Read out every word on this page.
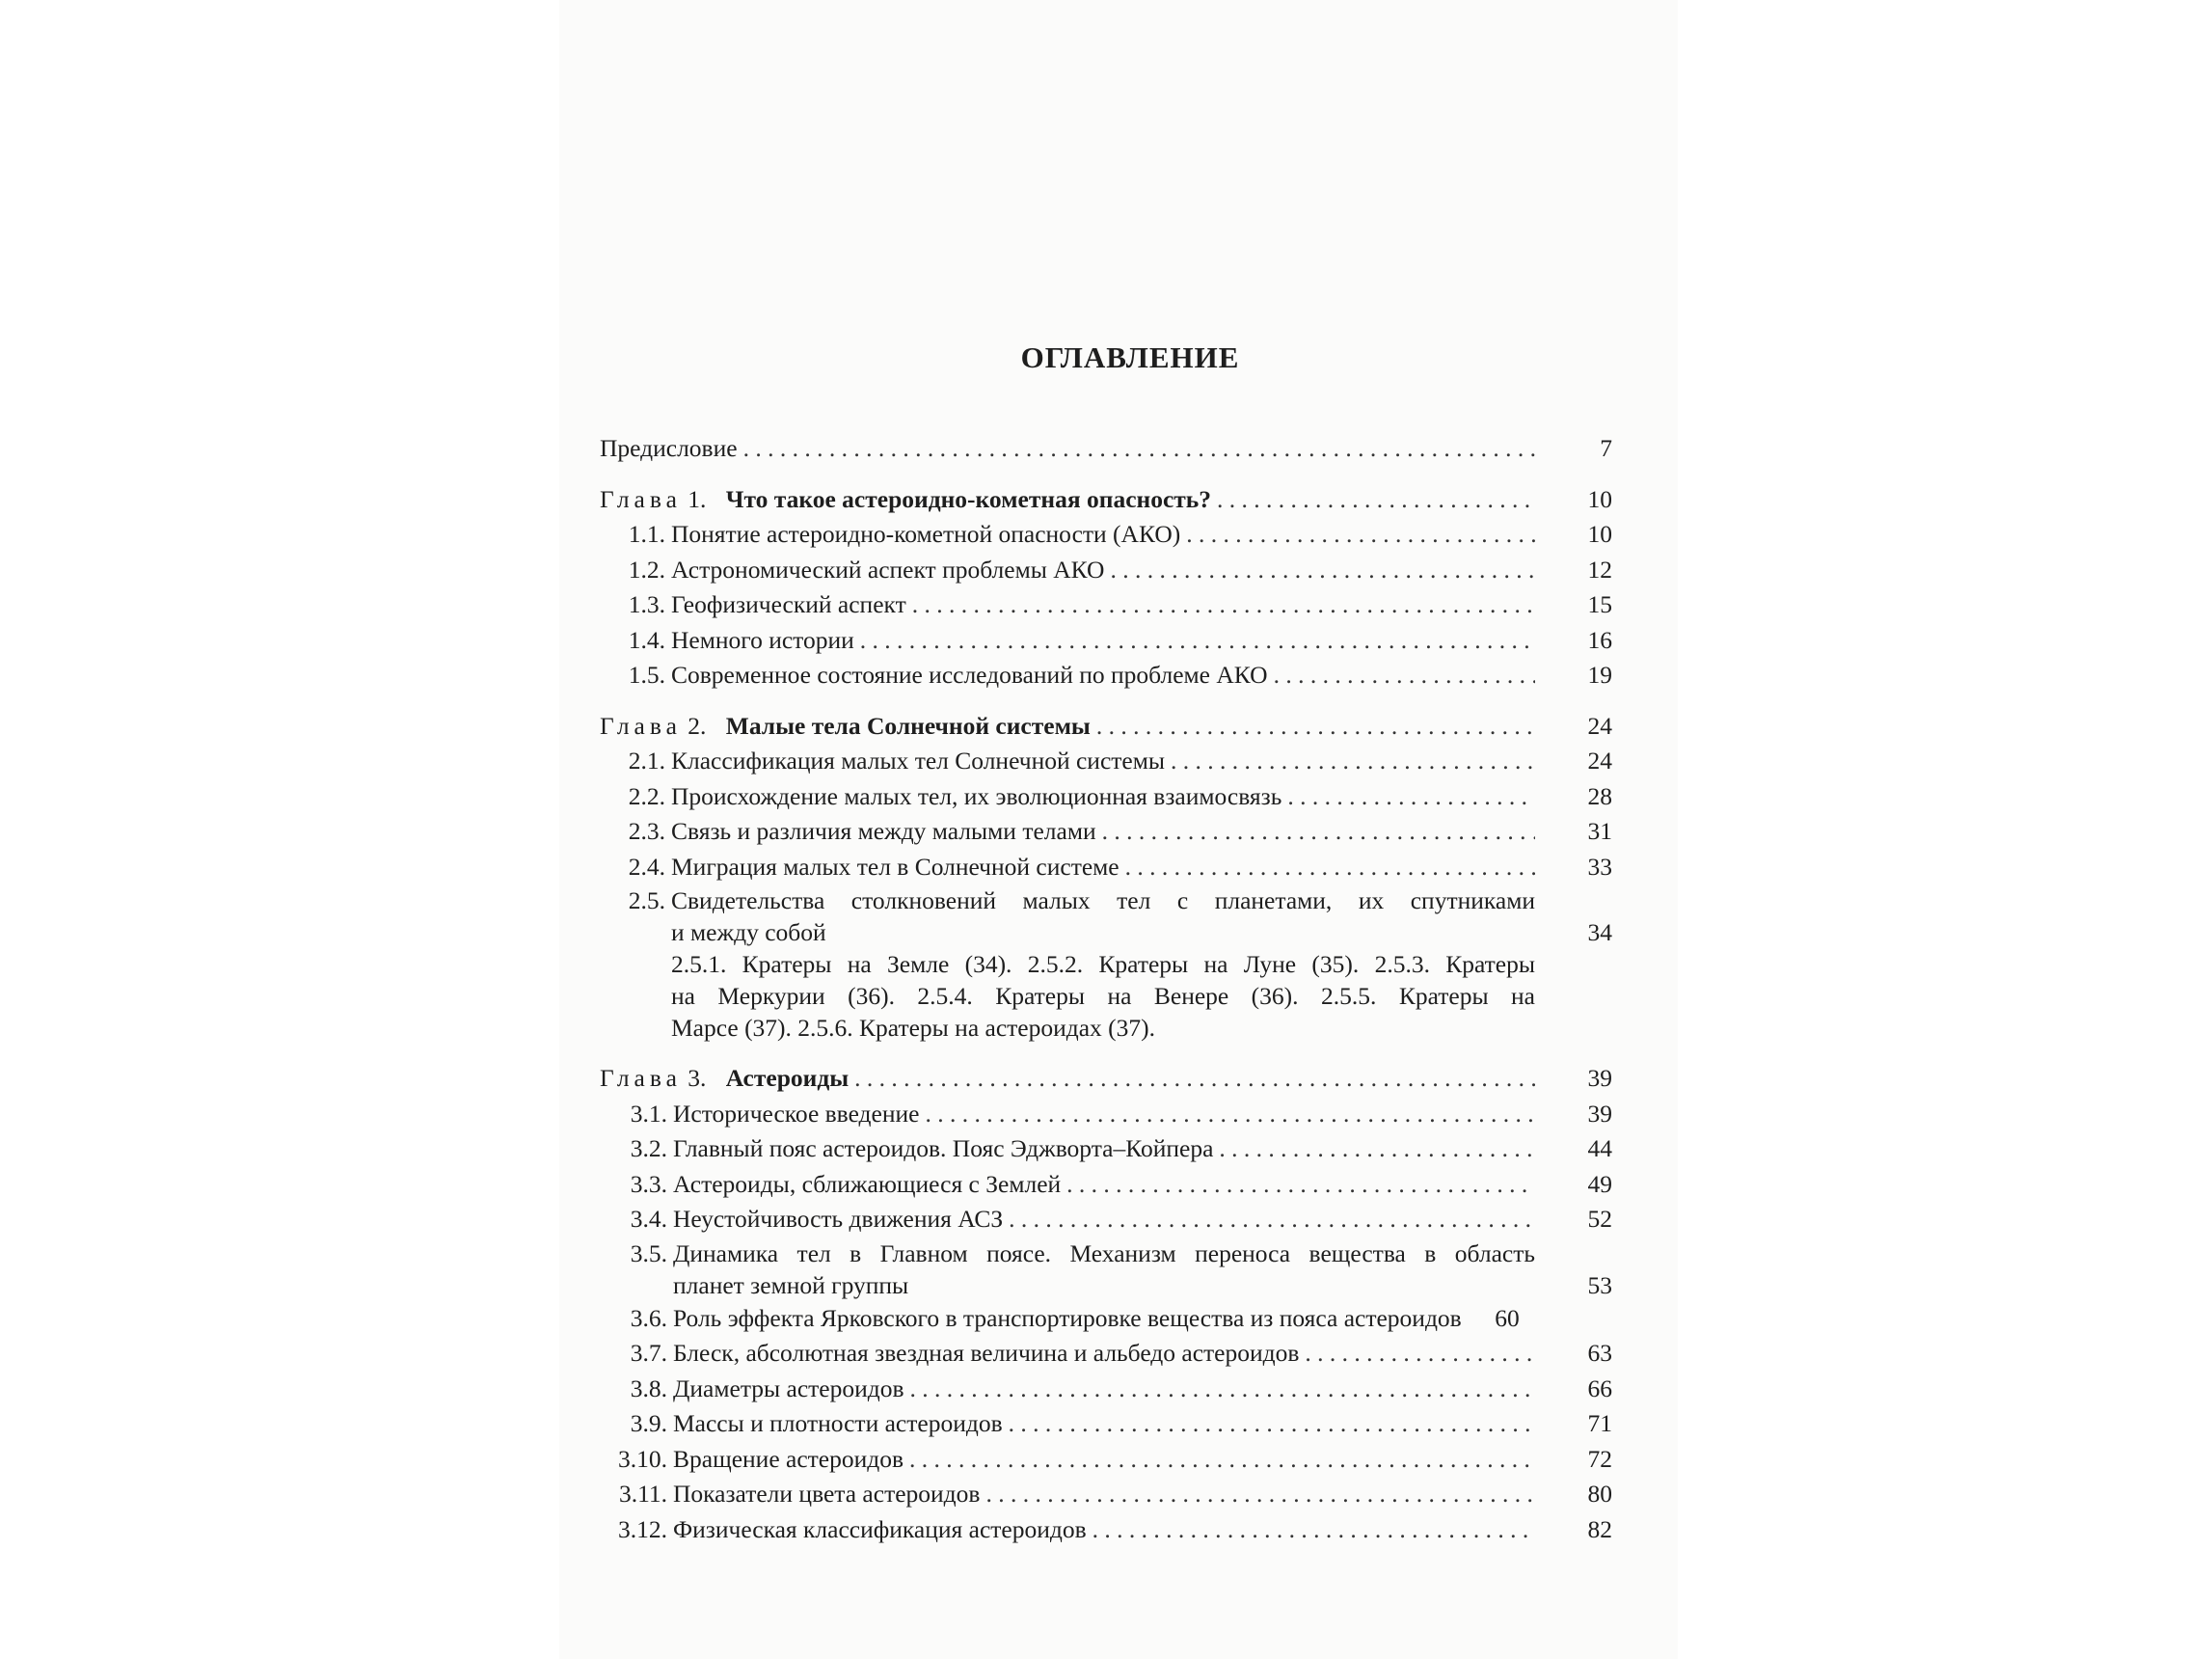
ОГЛАВЛЕНИЕ
Предисловие . . .	7
Глава 1. Что такое астероидно-кометная опасность? . . .	10
1.1. Понятие астероидно-кометной опасности (АКО) . . .	10
1.2. Астрономический аспект проблемы АКО . . .	12
1.3. Геофизический аспект . . .	15
1.4. Немного истории . . .	16
1.5. Современное состояние исследований по проблеме АКО . . .	19
Глава 2. Малые тела Солнечной системы . . .	24
2.1. Классификация малых тел Солнечной системы . . .	24
2.2. Происхождение малых тел, их эволюционная взаимосвязь . . .	28
2.3. Связь и различия между малыми телами . . .	31
2.4. Миграция малых тел в Солнечной системе . . .	33
2.5. Свидетельства столкновений малых тел с планетами, их спутниками
и между собой	34
2.5.1. Кратеры на Земле (34). 2.5.2. Кратеры на Луне (35). 2.5.3. Кратеры
на Меркурии (36). 2.5.4. Кратеры на Венере (36). 2.5.5. Кратеры на
Марсе (37). 2.5.6. Кратеры на астероидах (37).
Глава 3. Астероиды . . .	39
3.1. Историческое введение . . .	39
3.2. Главный пояс астероидов. Пояс Эджворта–Койпера . . .	44
3.3. Астероиды, сближающиеся с Землей . . .	49
3.4. Неустойчивость движения АСЗ . . .	52
3.5. Динамика тел в Главном поясе. Механизм переноса вещества в область
планет земной группы	53
3.6. Роль эффекта Ярковского в транспортировке вещества из пояса астероидов	60
3.7. Блеск, абсолютная звездная величина и альбедо астероидов . . .	63
3.8. Диаметры астероидов . . .	66
3.9. Массы и плотности астероидов . . .	71
3.10. Вращение астероидов . . .	72
3.11. Показатели цвета астероидов . . .	80
3.12. Физическая классификация астероидов . . .	82
